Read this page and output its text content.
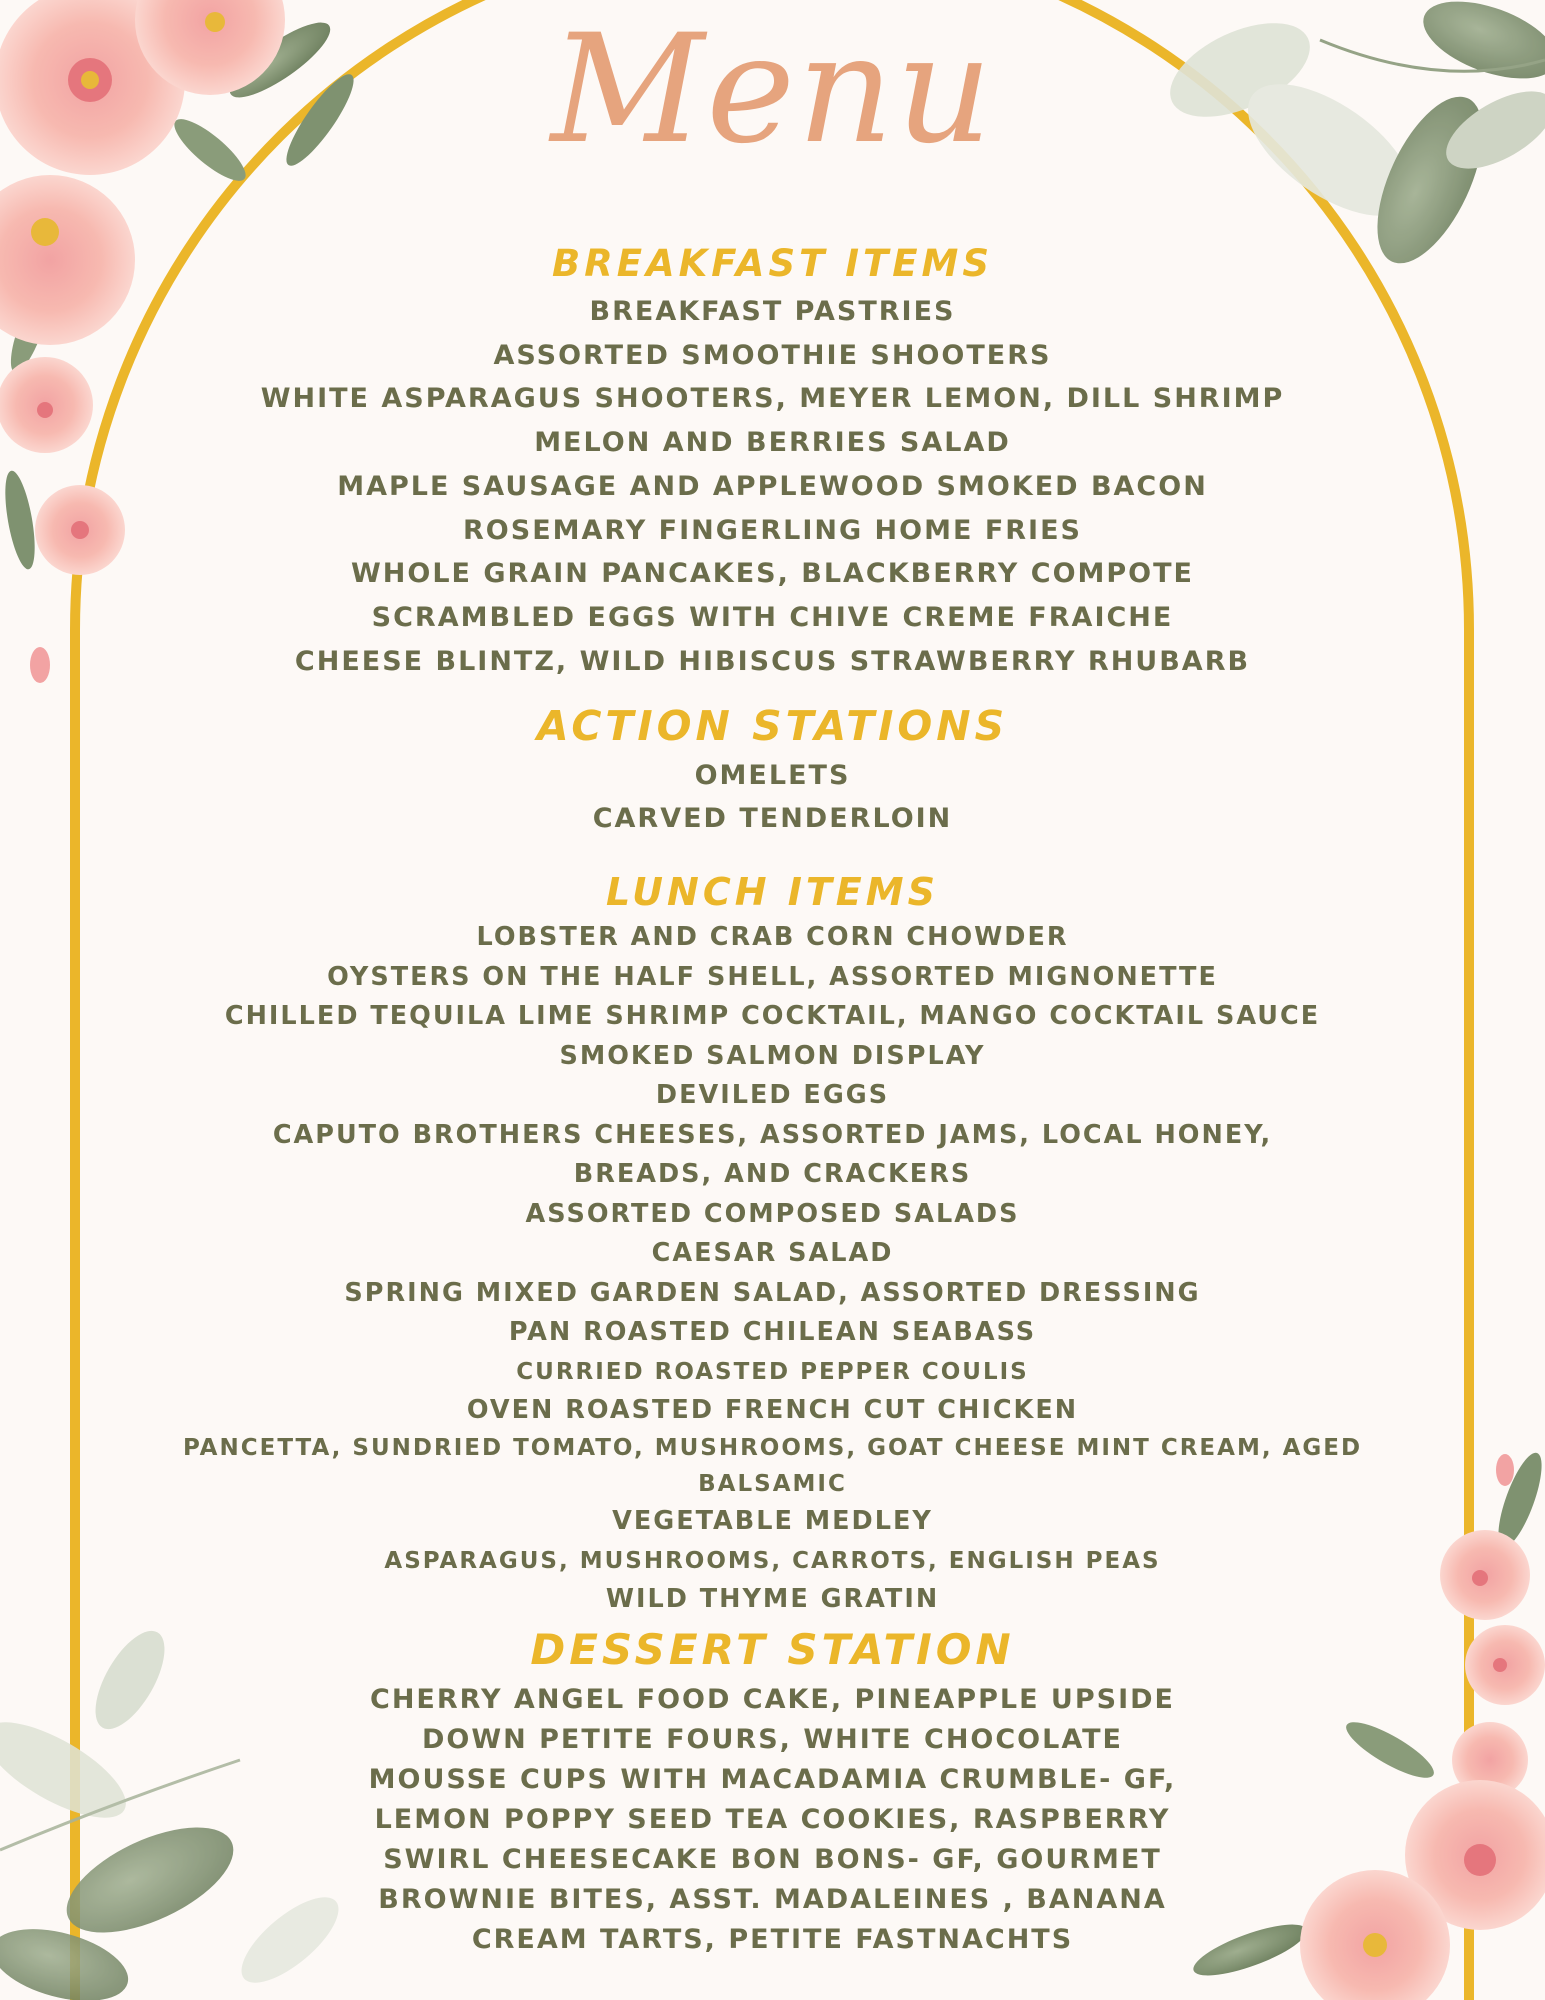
Menu
BREAKFAST ITEMS
BREAKFAST PASTRIES
ASSORTED SMOOTHIE SHOOTERS
WHITE ASPARAGUS SHOOTERS, MEYER LEMON, DILL SHRIMP
MELON AND BERRIES SALAD
MAPLE SAUSAGE AND APPLEWOOD SMOKED BACON
ROSEMARY FINGERLING HOME FRIES
WHOLE GRAIN PANCAKES, BLACKBERRY COMPOTE
SCRAMBLED EGGS WITH CHIVE CREME FRAICHE
CHEESE BLINTZ, WILD HIBISCUS STRAWBERRY RHUBARB
ACTION STATIONS
OMELETS
CARVED TENDERLOIN
LUNCH ITEMS
LOBSTER AND CRAB CORN CHOWDER
OYSTERS ON THE HALF SHELL, ASSORTED MIGNONETTE
CHILLED TEQUILA LIME SHRIMP COCKTAIL, MANGO COCKTAIL SAUCE
SMOKED SALMON DISPLAY
DEVILED EGGS
CAPUTO BROTHERS CHEESES, ASSORTED JAMS, LOCAL HONEY,
BREADS, AND CRACKERS
ASSORTED COMPOSED SALADS
CAESAR SALAD
SPRING MIXED GARDEN SALAD, ASSORTED DRESSING
PAN ROASTED CHILEAN SEABASS
CURRIED ROASTED PEPPER COULIS
OVEN ROASTED FRENCH CUT CHICKEN
PANCETTA, SUNDRIED TOMATO, MUSHROOMS, GOAT CHEESE MINT CREAM, AGED BALSAMIC
VEGETABLE MEDLEY
ASPARAGUS, MUSHROOMS, CARROTS, ENGLISH PEAS
WILD THYME GRATIN
DESSERT STATION
CHERRY ANGEL FOOD CAKE, PINEAPPLE UPSIDE DOWN PETITE FOURS, WHITE CHOCOLATE MOUSSE CUPS WITH MACADAMIA CRUMBLE- GF, LEMON POPPY SEED TEA COOKIES, RASPBERRY SWIRL CHEESECAKE BON BONS- GF, GOURMET BROWNIE BITES, ASST. MADALEINES , BANANA CREAM TARTS, PETITE FASTNACHTS
